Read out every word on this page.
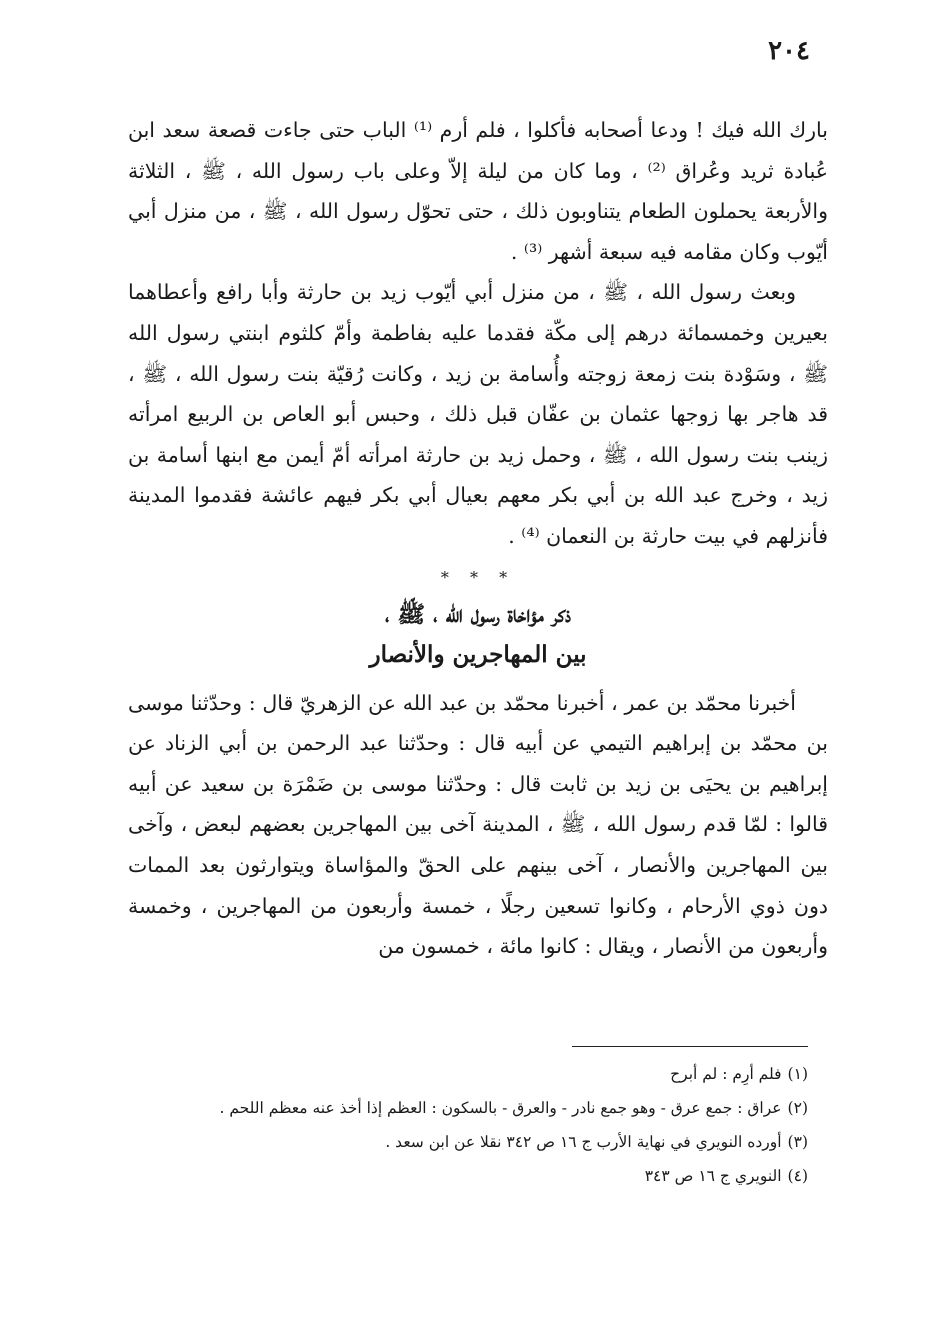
٢٠٤

بارك الله فيك ! ودعا أصحابه فأكلوا ، فلم أرم ⁽¹⁾ الباب حتى جاءت قصعة سعد ابن عُبادة ثريد وعُراق ⁽²⁾ ، وما كان من ليلة إلاّ وعلى باب رسول الله ، ﷺ ، الثلاثة والأربعة يحملون الطعام يتناوبون ذلك ، حتى تحوّل رسول الله ، ﷺ ، من منزل أبي أيّوب وكان مقامه فيه سبعة أشهر ⁽³⁾ .

وبعث رسول الله ، ﷺ ، من منزل أبي أيّوب زيد بن حارثة وأبا رافع وأعطاهما بعيرين وخمسمائة درهم إلى مكّة فقدما عليه بفاطمة وأمّ كلثوم ابنتي رسول الله ﷺ ، وسَوْدة بنت زمعة زوجته وأُسامة بن زيد ، وكانت رُقيّة بنت رسول الله ، ﷺ ، قد هاجر بها زوجها عثمان بن عفّان قبل ذلك ، وحبس أبو العاص بن الربيع امرأته زينب بنت رسول الله ، ﷺ ، وحمل زيد بن حارثة امرأته أمّ أيمن مع ابنها أسامة بن زيد ، وخرج عبد الله بن أبي بكر معهم بعيال أبي بكر فيهم عائشة فقدموا المدينة فأنزلهم في بيت حارثة بن النعمان ⁽⁴⁾ .

* * *
ذكر مؤاخاة رسول الله ، ﷺ ،
بين المهاجرين والأنصار

أخبرنا محمّد بن عمر ، أخبرنا محمّد بن عبد الله عن الزهريّ قال : وحدّثنا موسى بن محمّد بن إبراهيم التيمي عن أبيه قال : وحدّثنا عبد الرحمن بن أبي الزناد عن إبراهيم بن يحيَى بن زيد بن ثابت قال : وحدّثنا موسى بن ضَمْرَة بن سعيد عن أبيه قالوا : لمّا قدم رسول الله ، ﷺ ، المدينة آخى بين المهاجرين بعضهم لبعض ، وآخى بين المهاجرين والأنصار ، آخى بينهم على الحقّ والمؤاساة ويتوارثون بعد الممات دون ذوي الأرحام ، وكانوا تسعين رجلًا ، خمسة وأربعون من المهاجرين ، وخمسة وأربعون من الأنصار ، ويقال : كانوا مائة ، خمسون من

(١)فلم أرِم : لم أبرح

(٢)عراق : جمع عرق - وهو جمع نادر - والعرق - بالسكون : العظم إذا أخذ عنه معظم اللحم .

(٣)أورده النويري في نهاية الأرب ج ١٦ ص ٣٤٢ نقلا عن ابن سعد .

(٤)النويري ج ١٦ ص ٣٤٣
